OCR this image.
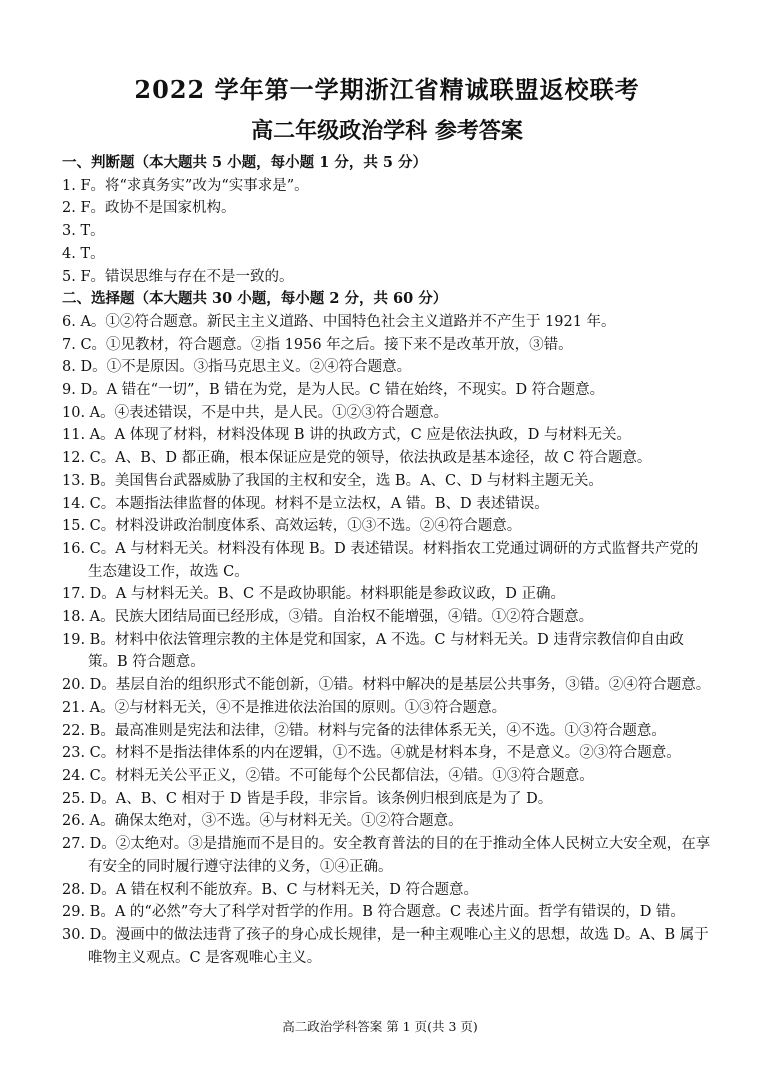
2022 学年第一学期浙江省精诚联盟返校联考
高二年级政治学科 参考答案

一、判断题（本大题共 5 小题，每小题 1 分，共 5 分）

1. F。将“求真务实”改为“实事求是”。

2. F。政协不是国家机构。

3. T。

4. T。

5. F。错误思维与存在不是一致的。

二、选择题（本大题共 30 小题，每小题 2 分，共 60 分）

6. A。①②符合题意。新民主主义道路、中国特色社会主义道路并不产生于 1921 年。

7. C。①见教材，符合题意。②指 1956 年之后。接下来不是改革开放，③错。

8. D。①不是原因。③指马克思主义。②④符合题意。

9. D。A 错在“一切”，B 错在为党，是为人民。C 错在始终，不现实。D 符合题意。

10. A。④表述错误，不是中共，是人民。①②③符合题意。

11. A。A 体现了材料，材料没体现 B 讲的执政方式，C 应是依法执政，D 与材料无关。

12. C。A、B、D 都正确，根本保证应是党的领导，依法执政是基本途径，故 C 符合题意。

13. B。美国售台武器威胁了我国的主权和安全，选 B。A、C、D 与材料主题无关。

14. C。本题指法律监督的体现。材料不是立法权，A 错。B、D 表述错误。

15. C。材料没讲政治制度体系、高效运转，①③不选。②④符合题意。

16. C。A 与材料无关。材料没有体现 B。D 表述错误。材料指农工党通过调研的方式监督共产党的生态建设工作，故选 C。

17. D。A 与材料无关。B、C 不是政协职能。材料职能是参政议政，D 正确。

18. A。民族大团结局面已经形成，③错。自治权不能增强，④错。①②符合题意。

19. B。材料中依法管理宗教的主体是党和国家，A 不选。C 与材料无关。D 违背宗教信仰自由政策。B 符合题意。

20. D。基层自治的组织形式不能创新，①错。材料中解决的是基层公共事务，③错。②④符合题意。

21. A。②与材料无关，④不是推进依法治国的原则。①③符合题意。

22. B。最高准则是宪法和法律，②错。材料与完备的法律体系无关，④不选。①③符合题意。

23. C。材料不是指法律体系的内在逻辑，①不选。④就是材料本身，不是意义。②③符合题意。

24. C。材料无关公平正义，②错。不可能每个公民都信法，④错。①③符合题意。

25. D。A、B、C 相对于 D 皆是手段，非宗旨。该条例归根到底是为了 D。

26. A。确保太绝对，③不选。④与材料无关。①②符合题意。

27. D。②太绝对。③是措施而不是目的。安全教育普法的目的在于推动全体人民树立大安全观，在享有安全的同时履行遵守法律的义务，①④正确。

28. D。A 错在权利不能放弃。B、C 与材料无关，D 符合题意。

29. B。A 的“必然”夸大了科学对哲学的作用。B 符合题意。C 表述片面。哲学有错误的，D 错。

30. D。漫画中的做法违背了孩子的身心成长规律，是一种主观唯心主义的思想，故选 D。A、B 属于唯物主义观点。C 是客观唯心主义。

高二政治学科答案 第 1 页(共 3 页)
